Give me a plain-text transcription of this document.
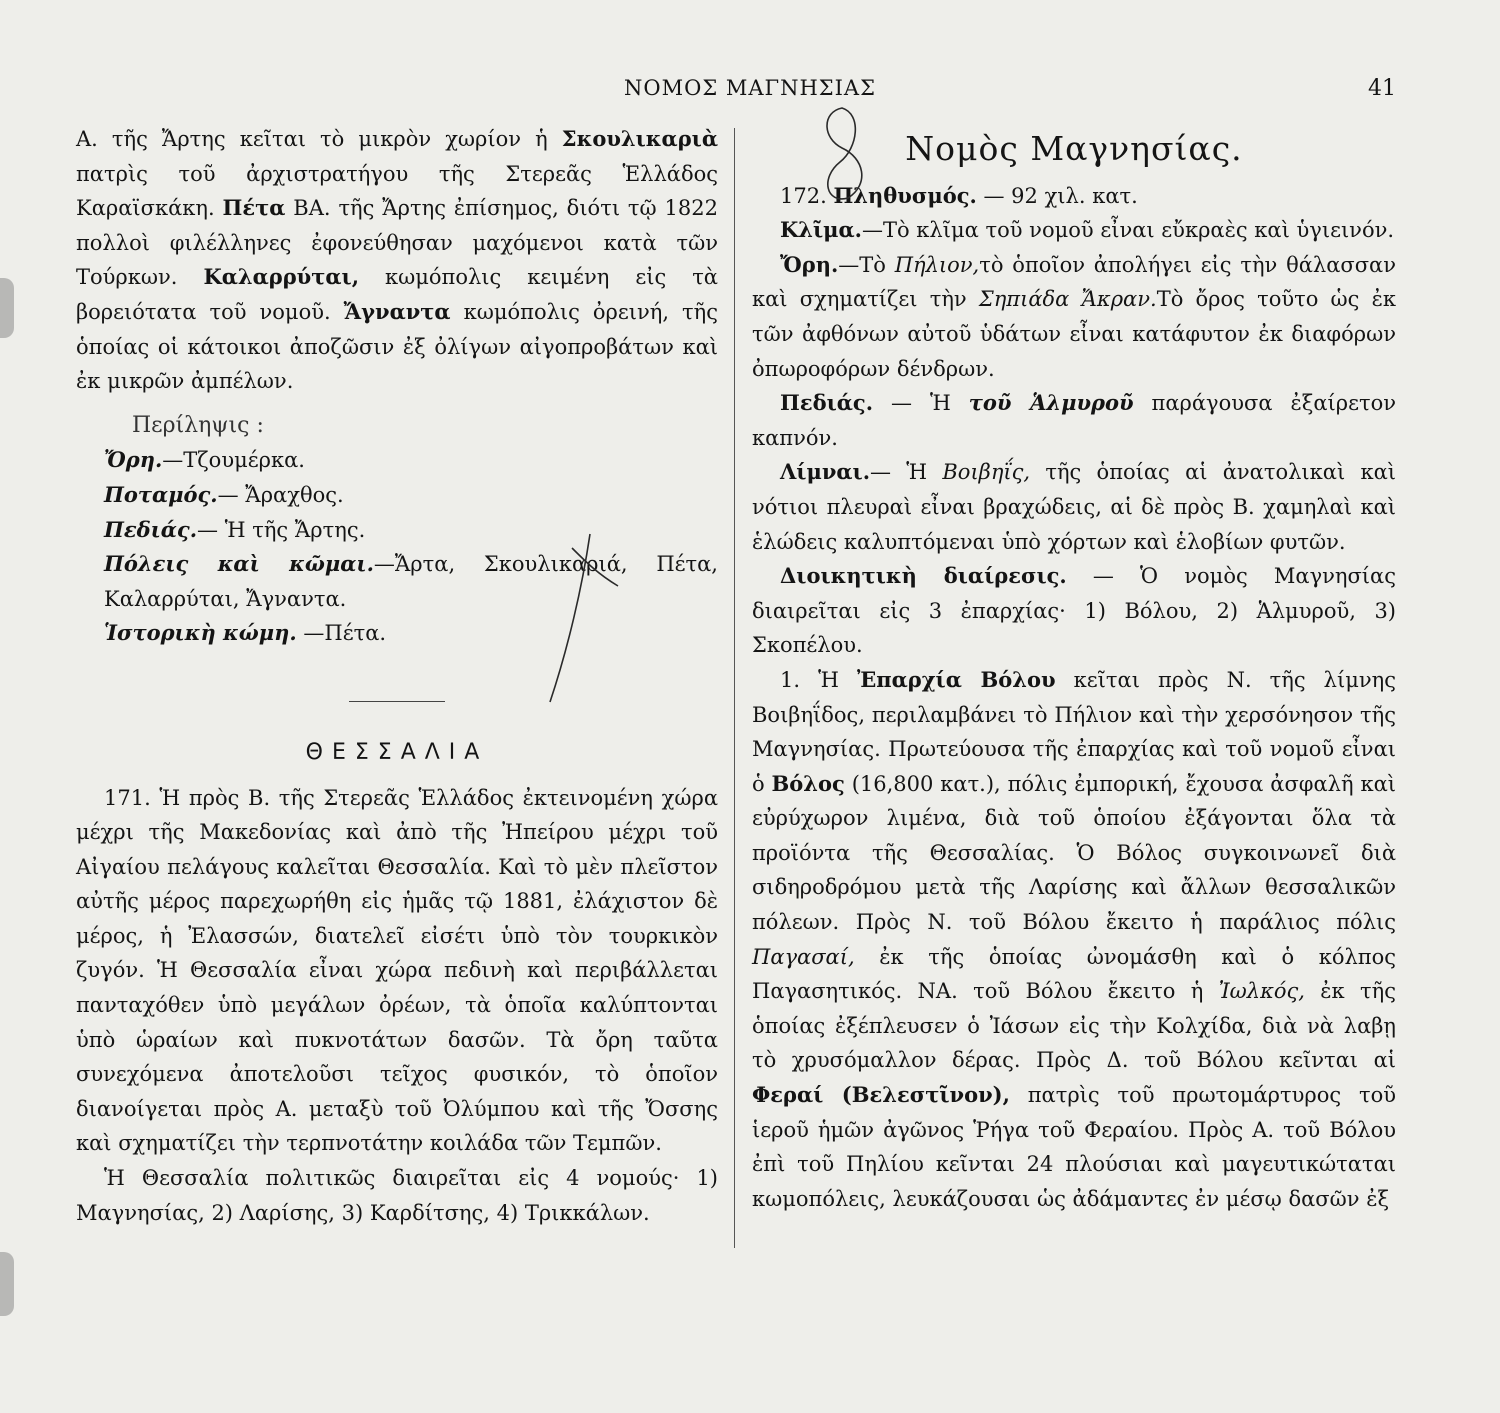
ΝΟΜΟΣ ΜΑΓΝΗΣΙΑΣ	41

Α. τῆς Ἄρτης κεῖται τὸ μικρὸν χωρίον ἡ Σκουλικαριὰ πατρὶς τοῦ ἀρχιστρατήγου τῆς Στερεᾶς Ἑλλάδος Καραϊσκάκη. Πέτα ΒΑ. τῆς Ἄρτης ἐπίσημος, διότι τῷ 1822 πολλοὶ φιλέλληνες ἐφονεύθησαν μαχόμενοι κατὰ τῶν Τούρκων. Καλαρρύται, κωμόπολις κειμένη εἰς τὰ βορειότατα τοῦ νομοῦ. Ἄγναντα κωμόπολις ὀρεινή, τῆς ὁποίας οἱ κάτοικοι ἀποζῶσιν ἐξ ὀλίγων αἰγοπροβάτων καὶ ἐκ μικρῶν ἀμπέλων.

Περίληψις :

Ὄρη.—Τζουμέρκα.

Ποταμός.— Ἄραχθος.

Πεδιάς.— Ἡ τῆς Ἄρτης.

Πόλεις καὶ κῶμαι.—Ἄρτα, Σκουλικαριά, Πέτα, Καλαρρύται, Ἄγναντα.

Ἱστορικὴ κώμη. —Πέτα.

ΘΕΣΣΑΛΙΑ

171. Ἡ πρὸς Β. τῆς Στερεᾶς Ἑλλάδος ἐκτεινομένη χώρα μέχρι τῆς Μακεδονίας καὶ ἀπὸ τῆς Ἠπείρου μέχρι τοῦ Αἰγαίου πελάγους καλεῖται Θεσσαλία. Καὶ τὸ μὲν πλεῖστον αὐτῆς μέρος παρεχωρήθη εἰς ἡμᾶς τῷ 1881, ἐλάχιστον δὲ μέρος, ἡ Ἐλασσών, διατελεῖ εἰσέτι ὑπὸ τὸν τουρκικὸν ζυγόν. Ἡ Θεσσαλία εἶναι χώρα πεδινὴ καὶ περιβάλλεται πανταχόθεν ὑπὸ μεγάλων ὀρέων, τὰ ὁποῖα καλύπτονται ὑπὸ ὡραίων καὶ πυκνοτάτων δασῶν. Τὰ ὄρη ταῦτα συνεχόμενα ἀποτελοῦσι τεῖχος φυσικόν, τὸ ὁποῖον διανοίγεται πρὸς Α. μεταξὺ τοῦ Ὀλύμπου καὶ τῆς Ὄσσης καὶ σχηματίζει τὴν τερπνοτάτην κοιλάδα τῶν Τεμπῶν.

Ἡ Θεσσαλία πολιτικῶς διαιρεῖται εἰς 4 νομούς· 1) Μαγνησίας, 2) Λαρίσης, 3) Καρδίτσης, 4) Τρικκάλων.

Νομὸς Μαγνησίας.

172. Πληθυσμός. — 92 χιλ. κατ.

Κλῖμα.—Τὸ κλῖμα τοῦ νομοῦ εἶναι εὔκραὲς καὶ ὑγιεινόν.

Ὄρη.—Τὸ Πήλιον,τὸ ὁποῖον ἀπολήγει εἰς τὴν θάλασσαν καὶ σχηματίζει τὴν Σηπιάδα Ἄκραν.Τὸ ὄρος τοῦτο ὡς ἐκ τῶν ἀφθόνων αὐτοῦ ὑδάτων εἶναι κατάφυτον ἐκ διαφόρων ὀπωροφόρων δένδρων.

Πεδιάς. — Ἡ τοῦ Ἁλμυροῦ παράγουσα ἐξαίρετον καπνόν.

Λίμναι.— Ἡ Βοιβηΐς, τῆς ὁποίας αἱ ἀνατολικαὶ καὶ νότιοι πλευραὶ εἶναι βραχώδεις, αἱ δὲ πρὸς Β. χαμηλαὶ καὶ ἑλώδεις καλυπτόμεναι ὑπὸ χόρτων καὶ ἑλοβίων φυτῶν.

Διοικητικὴ διαίρεσις. — Ὁ νομὸς Μαγνησίας διαιρεῖται εἰς 3 ἐπαρχίας· 1) Βόλου, 2) Ἁλμυροῦ, 3) Σκοπέλου.

1. Ἡ Ἐπαρχία Βόλου κεῖται πρὸς Ν. τῆς λίμνης Βοιβηΐδος, περιλαμβάνει τὸ Πήλιον καὶ τὴν χερσόνησον τῆς Μαγνησίας. Πρωτεύουσα τῆς ἐπαρχίας καὶ τοῦ νομοῦ εἶναι ὁ Βόλος (16,800 κατ.), πόλις ἐμπορική, ἔχουσα ἀσφαλῆ καὶ εὐρύχωρον λιμένα, διὰ τοῦ ὁποίου ἐξάγονται ὅλα τὰ προϊόντα τῆς Θεσσαλίας. Ὁ Βόλος συγκοινωνεῖ διὰ σιδηροδρόμου μετὰ τῆς Λαρίσης καὶ ἄλλων θεσσαλικῶν πόλεων. Πρὸς Ν. τοῦ Βόλου ἔκειτο ἡ παράλιος πόλις Παγασαί, ἐκ τῆς ὁποίας ὠνομάσθη καὶ ὁ κόλπος Παγασητικός. ΝΑ. τοῦ Βόλου ἔκειτο ἡ Ἰωλκός, ἐκ τῆς ὁποίας ἐξέπλευσεν ὁ Ἰάσων εἰς τὴν Κολχίδα, διὰ νὰ λαβῃ τὸ χρυσόμαλλον δέρας. Πρὸς Δ. τοῦ Βόλου κεῖνται αἱ Φεραί (Βελεστῖνον), πατρὶς τοῦ πρωτομάρτυρος τοῦ ἱεροῦ ἡμῶν ἀγῶνος Ῥήγα τοῦ Φεραίου. Πρὸς Α. τοῦ Βόλου ἐπὶ τοῦ Πηλίου κεῖνται 24 πλούσιαι καὶ μαγευτικώταται κωμοπόλεις, λευκάζουσαι ὡς ἀδάμαντες ἐν μέσῳ δασῶν ἐξ
